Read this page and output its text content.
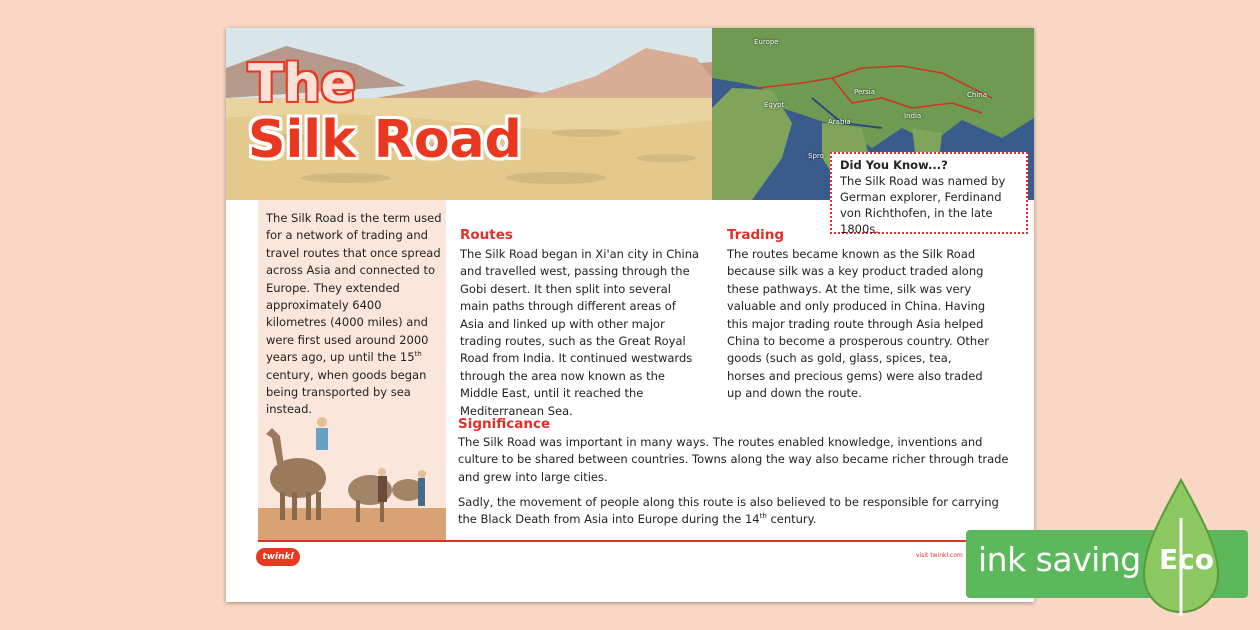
The
Silk Road
Europe
Egypt
Persia
Arabia
India
China
Spro
Did You Know...?
The Silk Road was named by German explorer, Ferdinand von Richthofen, in the late 1800s.
The Silk Road is the term used for a network of trading and travel routes that once spread across Asia and connected to Europe. They extended approximately 6400 kilometres (4000 miles) and were first used around 2000 years ago, up until the 15th century, when goods began being transported by sea instead.
Routes
The Silk Road began in Xi'an city in China and travelled west, passing through the Gobi desert. It then split into several main paths through different areas of Asia and linked up with other major trading routes, such as the Great Royal Road from India. It continued westwards through the area now known as the Middle East, until it reached the Mediterranean Sea.
Trading
The routes became known as the Silk Road because silk was a key product traded along these pathways. At the time, silk was very valuable and only produced in China. Having this major trading route through Asia helped China to become a prosperous country. Other goods (such as gold, glass, spices, tea, horses and precious gems) were also traded up and down the route.
Significance
The Silk Road was important in many ways. The routes enabled knowledge, inventions and culture to be shared between countries. Towns along the way also became richer through trade and grew into large cities.
Sadly, the movement of people along this route is also believed to be responsible for carrying the Black Death from Asia into Europe during the 14th century.
twinkl	visit twinkl.com ink saving Eco
